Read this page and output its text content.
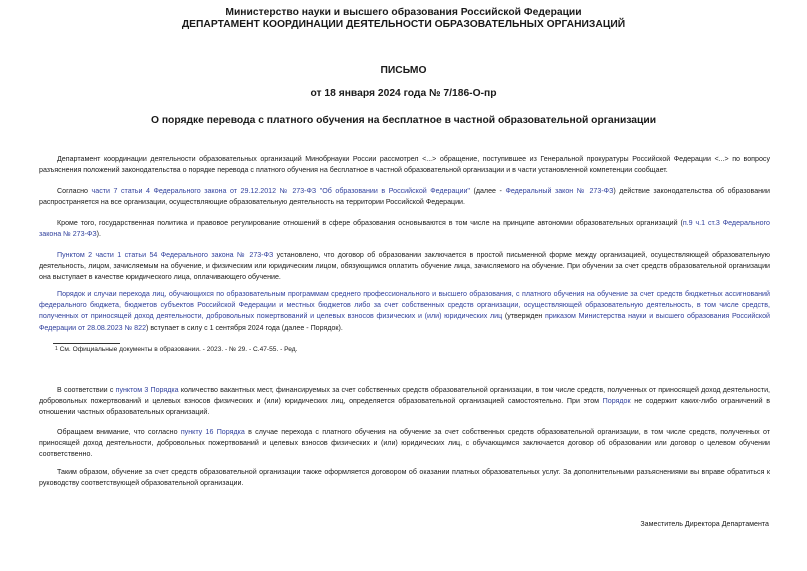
Министерство науки и высшего образования Российской Федерации
ДЕПАРТАМЕНТ КООРДИНАЦИИ ДЕЯТЕЛЬНОСТИ ОБРАЗОВАТЕЛЬНЫХ ОРГАНИЗАЦИЙ
ПИСЬМО
от 18 января 2024 года № 7/186-О-пр
О порядке перевода с платного обучения на бесплатное в частной образовательной организации
Департамент координации деятельности образовательных организаций Минобрнауки России рассмотрел <...> обращение, поступившее из Генеральной прокуратуры Российской Федерации <...> по вопросу разъяснения положений законодательства о порядке перевода с платного обучения на бесплатное в частной образовательной организации и в части установленной компетенции сообщает.
Согласно части 7 статьи 4 Федерального закона от 29.12.2012 № 273-ФЗ "Об образовании в Российской Федерации" (далее - Федеральный закон № 273-ФЗ) действие законодательства об образовании распространяется на все организации, осуществляющие образовательную деятельность на территории Российской Федерации.
Кроме того, государственная политика и правовое регулирование отношений в сфере образования основываются в том числе на принципе автономии образовательных организаций (п.9 ч.1 ст.3 Федерального закона № 273-ФЗ).
Пунктом 2 части 1 статьи 54 Федерального закона № 273-ФЗ установлено, что договор об образовании заключается в простой письменной форме между организацией, осуществляющей образовательную деятельность, лицом, зачисляемым на обучение, и физическим или юридическим лицом, обязующимся оплатить обучение лица, зачисляемого на обучение. При обучении за счет средств образовательной организации она выступает в качестве юридического лица, оплачивающего обучение.
Порядок и случаи перехода лиц, обучающихся по образовательным программам среднего профессионального и высшего образования, с платного обучения на обучение за счет средств бюджетных ассигнований федерального бюджета, бюджетов субъектов Российской Федерации и местных бюджетов либо за счет собственных средств организации, осуществляющей образовательную деятельность, в том числе средств, полученных от приносящей доход деятельности, добровольных пожертвований и целевых взносов физических и (или) юридических лиц (утвержден приказом Министерства науки и высшего образования Российской Федерации от 28.08.2023 № 822) вступает в силу с 1 сентября 2024 года (далее - Порядок).
1 См. Официальные документы в образовании. - 2023. - № 29. - С.47-55. - Ред.
В соответствии с пунктом 3 Порядка количество вакантных мест, финансируемых за счет собственных средств образовательной организации, в том числе средств, полученных от приносящей доход деятельности, добровольных пожертвований и целевых взносов физических и (или) юридических лиц, определяется образовательной организацией самостоятельно. При этом Порядок не содержит каких-либо ограничений в отношении частных образовательных организаций.
Обращаем внимание, что согласно пункту 16 Порядка в случае перехода с платного обучения на обучение за счет собственных средств образовательной организации, в том числе средств, полученных от приносящей доход деятельности, добровольных пожертвований и целевых взносов физических и (или) юридических лиц, с обучающимся заключается договор об образовании или договор о целевом обучении соответственно.
Таким образом, обучение за счет средств образовательной организации также оформляется договором об оказании платных образовательных услуг. За дополнительными разъяснениями вы вправе обратиться к руководству соответствующей образовательной организации.
Заместитель Директора Департамента
